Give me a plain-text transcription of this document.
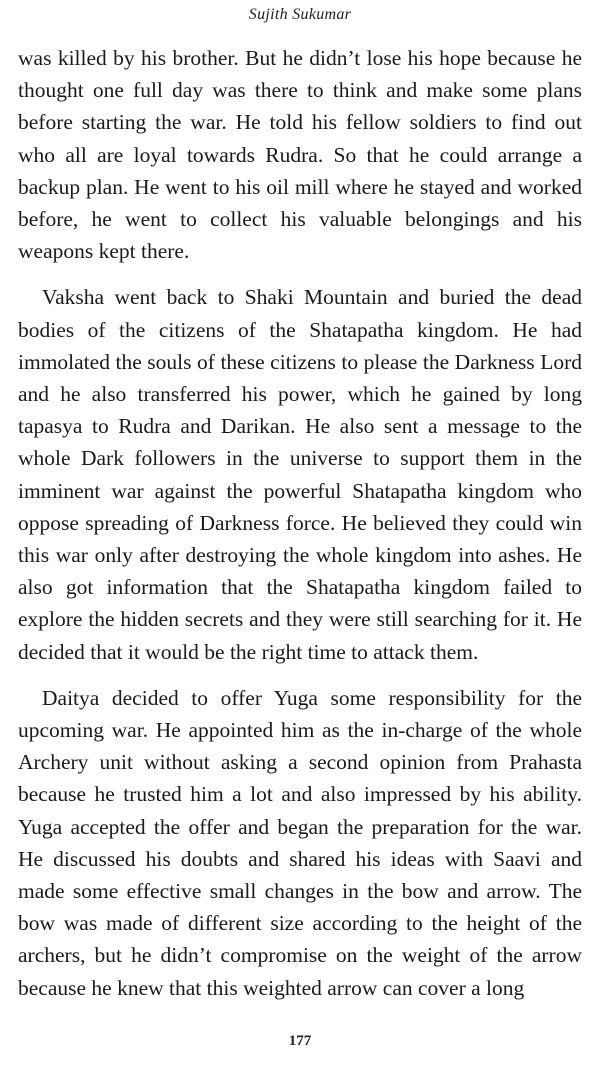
Sujith Sukumar

was killed by his brother. But he didn’t lose his hope because he thought one full day was there to think and make some plans before starting the war. He told his fellow soldiers to find out who all are loyal towards Rudra. So that he could arrange a backup plan. He went to his oil mill where he stayed and worked before, he went to collect his valuable belongings and his weapons kept there.

Vaksha went back to Shaki Mountain and buried the dead bodies of the citizens of the Shatapatha kingdom. He had immolated the souls of these citizens to please the Darkness Lord and he also transferred his power, which he gained by long tapasya to Rudra and Darikan. He also sent a message to the whole Dark followers in the universe to support them in the imminent war against the powerful Shatapatha kingdom who oppose spreading of Darkness force. He believed they could win this war only after destroying the whole kingdom into ashes. He also got information that the Shatapatha kingdom failed to explore the hidden secrets and they were still searching for it. He decided that it would be the right time to attack them.

Daitya decided to offer Yuga some responsibility for the upcoming war. He appointed him as the in-charge of the whole Archery unit without asking a second opinion from Prahasta because he trusted him a lot and also impressed by his ability. Yuga accepted the offer and began the preparation for the war. He discussed his doubts and shared his ideas with Saavi and made some effective small changes in the bow and arrow. The bow was made of different size according to the height of the archers, but he didn’t compromise on the weight of the arrow because he knew that this weighted arrow can cover a long

177
